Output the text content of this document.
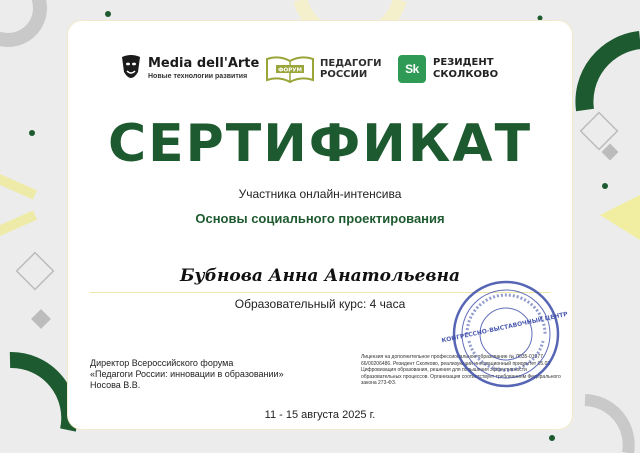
Media dell'Arte
Новые технологии развития
ФОРУМ
ПЕДАГОГИ
РОССИИ	Sk	РЕЗИДЕНТ
СКОЛКОВО
СЕРТИФИКАТ
Участника онлайн-интенсива
Основы социального проектирования
Бубнова Анна Анатольевна
Образовательный курс: 4 часа
Директор Всероссийского форума
«Педагоги России: инновации в образовании»
Носова В.В.
Лицензия на дополнительное профессиональное образование № Л035-01277-66/00206486. Резидент Сколково, реализующий инновационный приоритет 05.02 Цифровизация образования, решения для повышения эффективности образовательных процессов. Организация соответствует требованиям Федерального закона 273-ФЗ.
КОНГРЕССНО-ВЫСТАВОЧНЫЙ ЦЕНТР
11 - 15 августа 2025 г.
